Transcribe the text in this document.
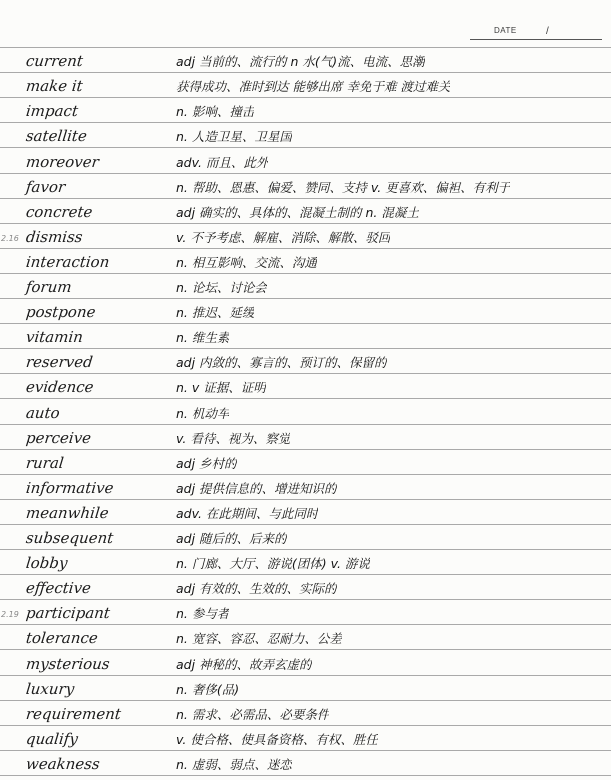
DATE	/
current	adj 当前的、流行的 n 水(气)流、电流、思潮
make it	获得成功、准时到达 能够出席 幸免于难 渡过难关
impact	n. 影响、撞击
satellite	n. 人造卫星、卫星国
moreover	adv. 而且、此外
favor	n. 帮助、恩惠、偏爱、赞同、支持 v. 更喜欢、偏袒、有利于
concrete	adj 确实的、具体的、混凝土制的 n. 混凝土
dismiss	v. 不予考虑、解雇、消除、解散、驳回
interaction	n. 相互影响、交流、沟通
forum	n. 论坛、讨论会
postpone	n. 推迟、延缓
vitamin	n. 维生素
reserved	adj 内敛的、寡言的、预订的、保留的
evidence	n. v 证据、证明
auto	n. 机动车
perceive	v. 看待、视为、察觉
rural	adj 乡村的
informative	adj 提供信息的、增进知识的
meanwhile	adv. 在此期间、与此同时
subsequent	adj 随后的、后来的
lobby	n. 门廊、大厅、游说(团体) v. 游说
effective	adj 有效的、生效的、实际的
participant	n. 参与者
tolerance	n. 宽容、容忍、忍耐力、公差
mysterious	adj 神秘的、故弄玄虚的
luxury	n. 奢侈(品)
requirement	n. 需求、必需品、必要条件
qualify	v. 使合格、使具备资格、有权、胜任
weakness	n. 虚弱、弱点、迷恋
2.16
2.19
